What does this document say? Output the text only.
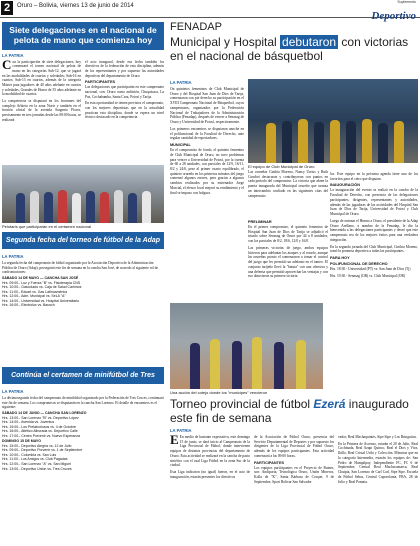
2	Oruro – Bolivia, viernes 13 de junio de 2014
Suplemento
Deportivo
Siete delegaciones en el nacional de pelota de mano que comienza hoy
LA PATRIA

Con la participación de siete delegaciones, hoy comenzará el torneo nacional de pelota de mano en las categorías Sub-12, que se jugará en las modalidades de cuartos y soledades; Sub-16 en cuartos; Sub-13 en cuartos, además de la categoría Máster para jugadores de 40 años adelante en cuartos y soledades, Grandes de Honor de 55 años adelante en la modalidad de cuartos.

La competencia se disputará en los frontones del complejo Arbieto en la zona Norte y también en el frontón oficial de la avenida Sargento Flores, precisamente en tres jornadas desde las 08:00 horas, se realizará

el acto inaugural, desde esa fecha también los directivos de la federación de esta disciplina, además de los representantes y por supuesto las autoridades deportivas del departamento de Oruro.

PARTICIPANTES

Las delegaciones que participarán en este campeonato nacional, son: Oruro como anfitrión, Chuquisaca, La Paz, Cochabamba, Santa Cruz, Potosí y Tarija.

En esta oportunidad se tienen previstos el campeonato, con los mejores deportistas que en la actualidad practican esta disciplina, donde se espera un nivel técnico destacado en la competencia.

Pelotaris que participarán en el certamen nacional
Segunda fecha del torneo de fútbol de la Adap 2014
LA PATRIA

La segunda fecha del campeonato de fútbol organizado por la Asociación Deportiva de la Administración Pública de Oruro (Adap), proseguirá este fin de semana en la cancha San José, de acuerdo al siguiente rol de confrontaciones:

SÁBADO 14 DE MAYO — CANCHA SAN JOSÉ
Hrs. 09:00.- Luz y Fuerza "B" vs. Fisioterapia CNS
Hrs. 10:00.- Gasoducto vs. Caja de Salud Caminos
Hrs. 11:00.- Eduart vs. Gas Latinoamérica
Hrs. 12:00.- Adm. Municipal vs. SeLA "A"
Hrs. 14:00.- Universidad vs. Hospital Universitario
Hrs. 16:00.- Electrolux vs. Bausch
Continúa el certamen de minifútbol de Tres Cruces
LA PATRIA

La décimosegunda fecha del campeonato de minifútbol organizado por la Federación de Tres Cruces, continuará este fin de semana. Los compromisos se disputarán en la cancha San Lorenzo. El detalle de encuentros es el siguiente:

SÁBADO 14 DE JUNIO — CANCHA SAN LORENZO
Hrs. 13:00.- San Lorenzo "B" vs. Deportivo López
Hrs. 14:00.- Avenida vs. Juventus
Hrs. 15:00.- Los Prelaboriosos vs. 4 de Octubre
Hrs. 16:00.- Atlético Alborada vs. Deportivo Calle
Hrs. 17:00.- Centro Porvenir vs. Nuevo Esperanza
DOMINGO 15 DE MAYO
Hrs. 15:00.- Deportivo Alegría vs. 12 de Julio
Hrs. 09:00.- Deportivo Porvenir vs. 1 de Septiembre
Hrs. 10:00.- Colombia vs. San Luis
Hrs. 11:00.- Los Amigos vs. Club Pagadas
Hrs. 12:00.- San Lorenzo "A" vs. San Miguel
Hrs. 13:00.- Deportivo Unión vs. Tres Cruces
FENADAP
Municipal y Hospital debutaron con victorias en el nacional de básquetbol
LA PATRIA

On quintetos femeninos de Club Municipal de Oruro y del Hospital San Juan de Dios de Tarija, comenzaron con pie derecho su participación en el XVIII Campeonato Nacional de Básquetbol, cuyos campeonatos, organizados por la Federación Nacional de Trabajadores de la Administración Pública (Fenadap), después de vencer a Senasag de Oruro y Universidad de Potosí, respectivamente.

Los primeros encuentros se disputaron anoche en el polifuncional de la Facultad de Derecho, ante regular cantidad de espectadores.

MUNICIPAL

En el compromiso de fondo, el quinteto femenino de Club Municipal de Oruro, no tuvo problemas para vencer a Universidad de Potosí, por la cuenta de 60 a 28 unidades, con parciales de 12/9, 16/11, 8/2 y 24/6, pese al primer cuarto equilibrado, el quinteto orureño en los primeros minutos del juego comenzó algunos errores, pero gracias a algunos cambios realizados por su entrenador Jorge Marcial, el elenco local mejoró su rendimiento y el final se impuso con holgura.

Las orureñas Cinthia Moreno, Nancy Urrius y Ruth Condori destacaron y contribuyeron con puntos en cada período del compromiso. La victoria que abren la puerta inaugurada del Municipal orureño que avanza un intercambio confiado en las siguientes citas del campeonato.

El equipo de Club Municipal de Oruro

los. Este equipo en la próxima agenda tiene una de los favoritos para el cetro que disputan.

INAUGURACIÓN

La inauguración del evento se realizó en la cancha de la Facultad de Derecho, con presencia de las delegaciones participantes, dirigentes, representantes y autoridades, además de las jugadoras de las actividades del Hospital San Juan de Dios de Tarija, Universidad de Potosí y Club Municipal de Oruro.

Luego de entonar el Himno a Oruro, el presidente de la Adap Oruro Arellano, a nombre de la Fenadap, le dio la bienvenida a las delegaciones participantes y deseó que este campeonato sea de los mejores éxitos para una verdadera integración.

En la segunda jornada del Club Municipal, Cinthia Moreno, tomó la promesa deportiva a todas las participantes.

PARA HOY
POLIFUNCIONAL DE DERECHO

Hrs. 18:30.- Universidad (PT) vs. San Juan de Dios (Tj)

Hrs. 19:30.- Senasag (OR) vs. Club Municipal (OR)

PRELIMINAR

En el primer compromiso, el quinteto femenino de Hospital San Juan de Dios de Tarija se adjudicó el triunfo sobre Senasag de Oruro por 44 a 8 unidades, con los parciales de 8/2, 18/6, 12/0 y 16/0.

Las primeras victorias de juego, ambos equipos hicieron para adelantar los ataques y al rotarlo, aunque las orureñas pronto el comenzaron a tomar el control del juego que les permitió un adelanto en el tanteo. El conjunto tarijeño llevó la "batuta" con una ofensiva y una defensa que permitió aprovechar las ventajas y con eso obtuvieron su primera victoria.

Una acción del cotejo donde los "municipes" vencieron
Torneo provincial de fútbol Ezerá inaugurado este fin de semana
LA PATRIA

E En medio de bastante expectativa, este domingo 15 de junio, se dará inicio al Campeonato de la Liga Provincial de Fútbol, donde intervienen equipos de distintas provincias del departamento de Oruro. Esta actividad se realizará en la cancha de pasto sintético con el cual Liga Fútbol en la zona Sur de la ciudad.

Esta Liga indicaron (no igual) fueron, en el acto de inauguración, estarán presentes los directivos

de la Asociación de Fútbol Oruro, presencia del Servicio Departamental de Deportes y por supuesto los dirigentes de la Liga Provincial de Fútbol Oruro, además de los equipos participantes. Esta actividad comenzará a las 09:00 horas.

PARTICIPANTES

Los equipos participantes en el Proyecto de Ruiner, son: Andiporta, Tecnológica Oruro, Unión Mineros, Kolla de "K", Santa Bárbara de Corque, 9 de Septiembre, Sport Bolivar San Salvador

vador, Real Machaquintes, Sipe Sipe y Los Bringuitos.

En la Primera de Ascenso, estarán el 20 de Julio, Real Cochinada, Real Azapi Quinco, Real el Dios y Viva, Ibillo, Real Cristal Uribi y Colección. Mientras que en la categoría Intermedia, estarán los equipos de: San Pedro de Humpilpay, Independiente FC, FC 6 de Septiembre, Central Real Machacamarca, Real Chuipia, San Lorenzo de Carl Carl, Sipe Sipe, Escuela de Fútbol Sebas, Central Caporolanta, FBA, 28 de Julio y Real Pomata.
